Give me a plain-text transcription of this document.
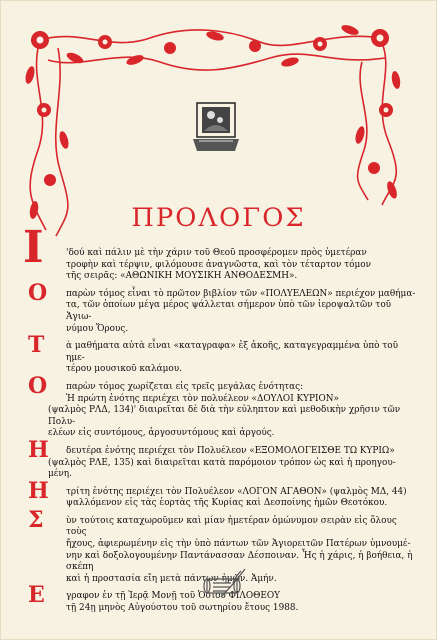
ΠΡΟΛΟΓΟΣ
Ι	'δού καὶ πάλιν μὲ τὴν χάριν τοῦ Θεοῦ προσφέρομεν πρὸς ὑμετέραν

τροφὴν καὶ τέρψιν, φιλόμουσε ἀναγνῶστα, καὶ τὸν τέταρτον τόμον

τῆς σειρᾶς: «ΑΘΩΝΙΚΗ ΜΟΥΣΙΚΗ ΑΝΘΟΔΕΣΜΗ».

Ο	παρὼν τόμος εἶναι τὸ πρῶτον βιβλίον τῶν «ΠΟΛΥΕΛΕΩΝ» περιέχον μαθήμα-

τα, τῶν ὁποίων μέγα μέρος ψάλλεται σήμερον ὑπὸ τῶν ἱεροψαλτῶν τοῦ Ἁγιω-

νύμου Ὄρους.

Τ	ὰ μαθήματα αὐτὰ εἶναι «καταγραφα» ἐξ ἀκοῆς, καταγεγραμμένα ὑπὸ τοῦ ημε-

τέρου μουσικοῦ καλάμου.

Ο	παρὼν τόμος χωρίζεται εἰς τρεῖς μεγάλας ἑνότητας:

Ἡ πρώτη ἑνότης περιέχει τὸν πολυέλεον «ΔΟΥΛΟΙ ΚΥΡΙΟΝ»

(ψαλμὸς ΡΛΔ, 134)' διαιρεῖται δὲ διὰ τὴν εὐληπτον καὶ μεθοδικὴν χρῆσιν τῶν Πολυ-

ελέων εἰς συντόμους, ἀργοσυντόμους καὶ ἀργούς.

Η	δευτέρα ἑνότης περιέχει τὸν Πολυέλεον «ΕΞΟΜΟΛΟΓΕΙΣΘΕ ΤΩ ΚΥΡΙΩ»

(ψαλμὸς ΡΛΕ, 135) καὶ διαιρεῖται κατὰ παρόμοιον τρόπον ὡς καὶ ἡ προηγου-

μένη.

Η	τρίτη ἑνότης περιέχει τὸν Πολυέλεον «ΛΟΓΟΝ ΑΓΑΘΟΝ» (ψαλμὸς ΜΔ, 44)

ψαλλόμενον εἰς τὰς ἑορτὰς τῆς Κυρίας καὶ Δεσποίνης ἡμῶν Θεοτόκου.

Σ	ὺν τούτοις καταχωροῦμεν καὶ μίαν ἡμετέραν ὁμώνυμον σειρὰν εἰς ὅλους τοὺς

ἤχους, ἀφιερωμένην εἰς τὴν ὑπὸ πάντων τῶν Ἁγιορειτῶν Πατέρων ὑμνουμέ-

νην καὶ δοξολογουμένην Παντάνασσαν Δέσποιναν. Ἧς ἡ χάρις, ἡ βοήθεια, ἡ σκέπη

καὶ ἡ προστασία εἴη μετὰ πάντων ἡμῶν. Ἀμήν.

Ε	γραφον ἐν τῇ Ἱερᾷ Μονῇ τοῦ Ὁσίου ΦΙΛΟΘΕΟΥ

τῇ 24ῃ μηνὸς Αὐγούστου τοῦ σωτηρίου ἔτους 1988.
